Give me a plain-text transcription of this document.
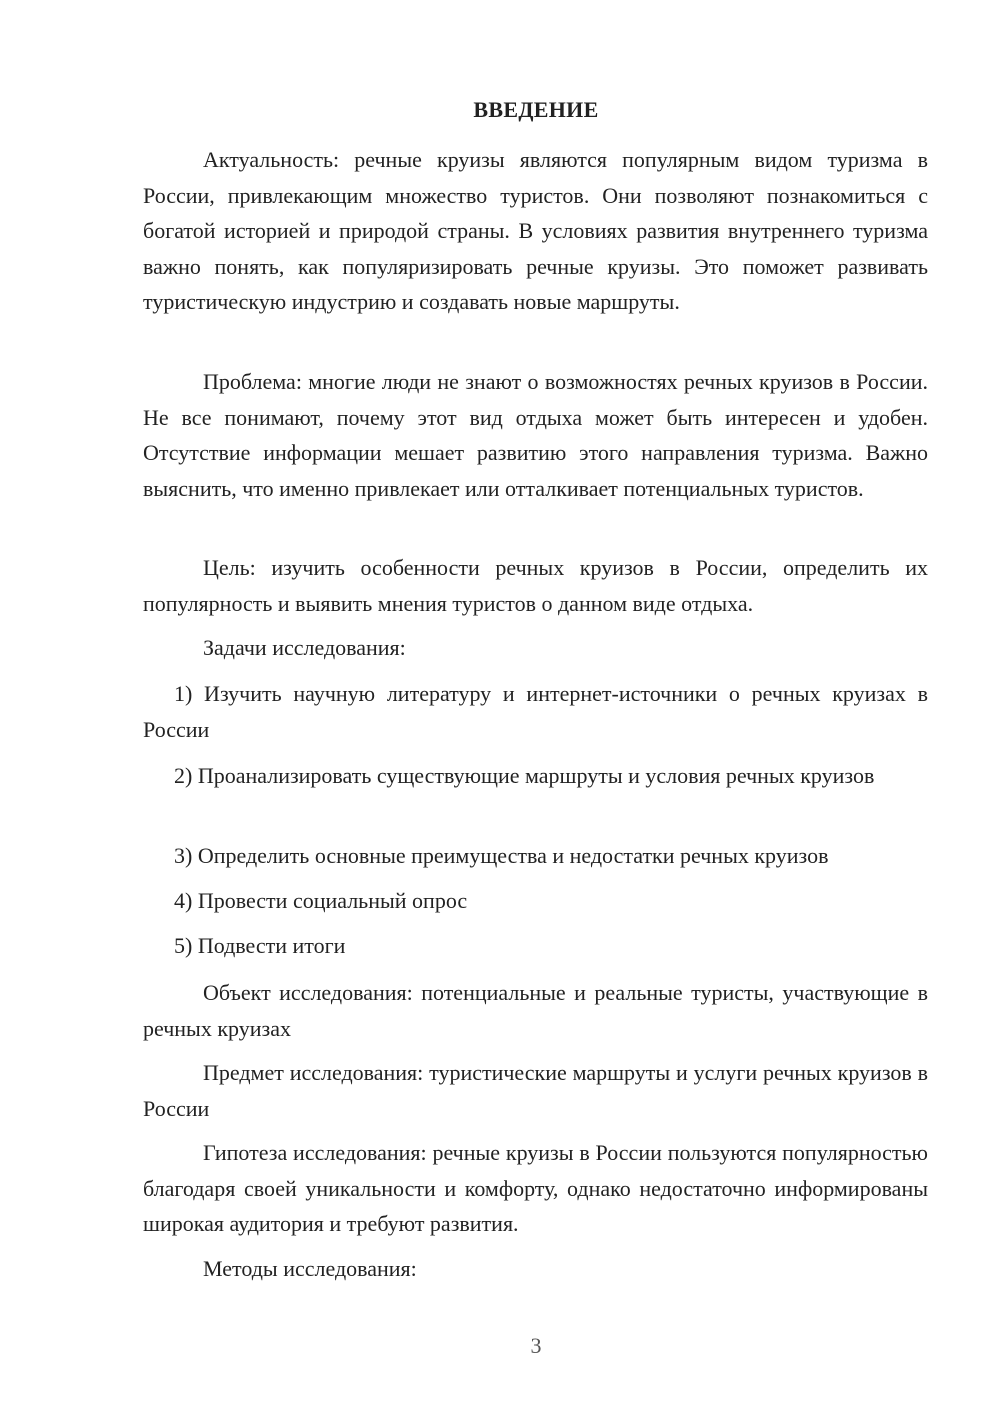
ВВЕДЕНИЕ
Актуальность: речные круизы являются популярным видом туризма в России, привлекающим множество туристов. Они позволяют познакомиться с богатой историей и природой страны. В условиях развития внутреннего туризма важно понять, как популяризировать речные круизы. Это поможет развивать туристическую индустрию и создавать новые маршруты.
Проблема: многие люди не знают о возможностях речных круизов в России. Не все понимают, почему этот вид отдыха может быть интересен и удобен. Отсутствие информации мешает развитию этого направления туризма. Важно выяснить, что именно привлекает или отталкивает потенциальных туристов.
Цель: изучить особенности речных круизов в России, определить их популярность и выявить мнения туристов о данном виде отдыха.
Задачи исследования:
1) Изучить научную литературу и интернет-источники о речных круизах в России
2) Проанализировать существующие маршруты и условия речных круизов
3) Определить основные преимущества и недостатки речных круизов
4) Провести социальный опрос
5) Подвести итоги
Объект исследования: потенциальные и реальные туристы, участвующие в речных круизах
Предмет исследования: туристические маршруты и услуги речных круизов в России
Гипотеза исследования: речные круизы в России пользуются популярностью благодаря своей уникальности и комфорту, однако недостаточно информированы широкая аудитория и требуют развития.
Методы исследования:
3
